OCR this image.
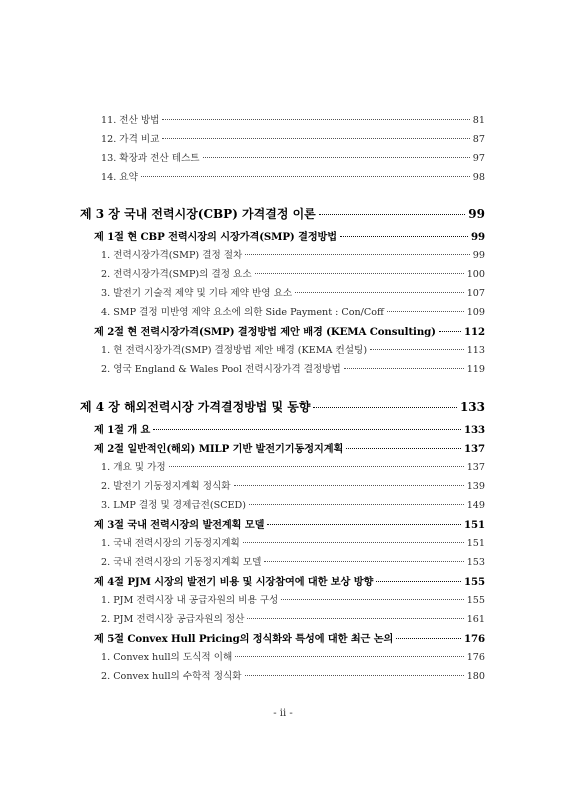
11. 전산 방법	81
12. 가격 비교	87
13. 확장과 전산 테스트	97
14. 요약	98
제 3 장 국내 전력시장(CBP) 가격결정 이론	99
제 1절 현 CBP 전력시장의 시장가격(SMP) 결정방법	99
1. 전력시장가격(SMP) 결정 절차	99
2. 전력시장가격(SMP)의 결정 요소	100
3. 발전기 기술적 제약 및 기타 제약 반영 요소	107
4. SMP 결정 미반영 제약 요소에 의한 Side Payment : Con/Coff	109
제 2절 현 전력시장가격(SMP) 결정방법 제안 배경 (KEMA Consulting)	112
1. 현 전력시장가격(SMP) 결정방법 제안 배경 (KEMA 컨설팅)	113
2. 영국 England & Wales Pool 전력시장가격 결정방법	119
제 4 장 해외전력시장 가격결정방법 및 동향	133
제 1절 개 요	133
제 2절 일반적인(해외) MILP 기반 발전기기동정지계획	137
1. 개요 및 가정	137
2. 발전기 기동정지계획 정식화	139
3. LMP 결정 및 경제급전(SCED)	149
제 3절 국내 전력시장의 발전계획 모델	151
1. 국내 전력시장의 기동정지계획	151
2. 국내 전력시장의 기동정지계획 모델	153
제 4절 PJM 시장의 발전기 비용 및 시장참여에 대한 보상 방향	155
1. PJM 전력시장 내 공급자원의 비용 구성	155
2. PJM 전력시장 공급자원의 정산	161
제 5절 Convex Hull Pricing의 정식화와 특성에 대한 최근 논의	176
1. Convex hull의 도식적 이해	176
2. Convex hull의 수학적 정식화	180
- ii -
